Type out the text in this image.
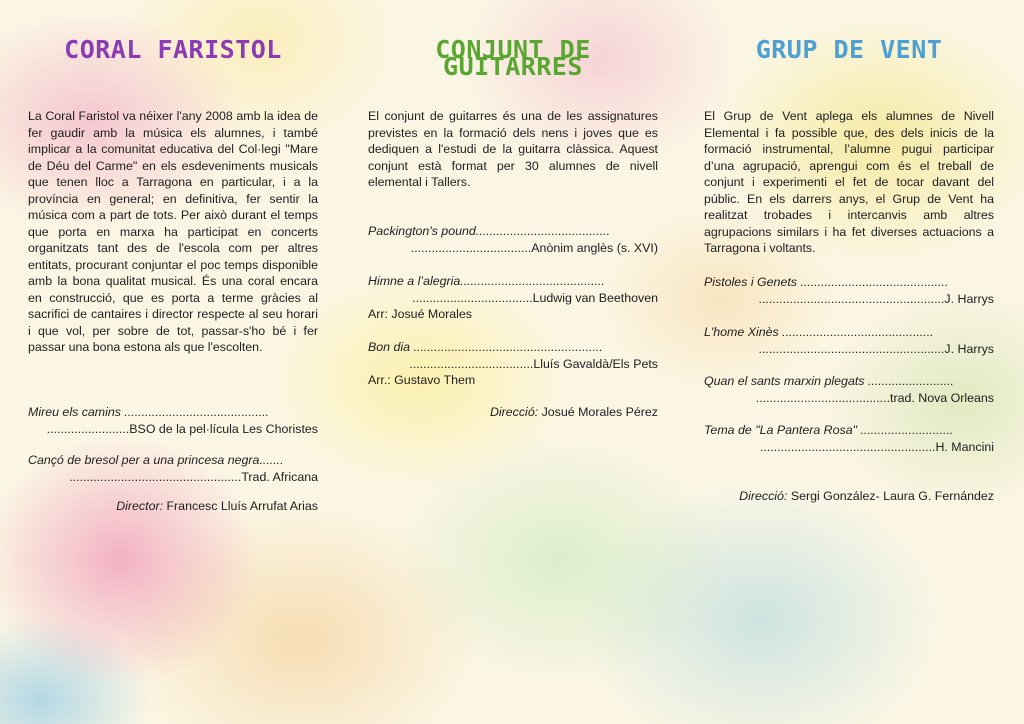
CORAL FARISTOL

La Coral Faristol va néixer l'any 2008 amb la idea de fer gaudir amb la música els alumnes, i també implicar a la comunitat educativa del Col·legi "Mare de Déu del Carme" en els esdeveniments musicals que tenen lloc a Tarragona en particular, i a la província en general; en definitiva, fer sentir la música com a part de tots. Per això durant el temps que porta en marxa ha participat en concerts organitzats tant des de l'escola com per altres entitats, procurant conjuntar el poc temps disponible amb la bona qualitat musical. És una coral encara en construcció, que es porta a terme gràcies al sacrifici de cantaires i director respecte al seu horari i que vol, per sobre de tot, passar-s'ho bé i fer passar una bona estona als que l'escolten.

Mireu els camins ..........................................
........................BSO de la pel·lícula Les Choristes
Cançó de bresol per a una princesa negra.......
..................................................Trad. Africana
Director: Francesc Lluís Arrufat Arias
CONJUNT DE GUITARRES

El conjunt de guitarres és una de les assignatures previstes en la formació dels nens i joves que es dediquen a l'estudi de la guitarra clàssica. Aquest conjunt està format per 30 alumnes de nivell elemental i Tallers.

Packington's pound.......................................
...................................Anònim anglès (s. XVI)
Himne a l’alegria..........................................
...................................Ludwig van Beethoven
Arr: Josué Morales
Bon dia .......................................................
....................................Lluís Gavaldà/Els Pets
Arr.: Gustavo Them
Direcció: Josué Morales Pérez
GRUP DE VENT

El Grup de Vent aplega els alumnes de Nivell Elemental i fa possible que, des dels inicis de la formació instrumental, l’alumne pugui participar d’una agrupació, aprengui com és el treball de conjunt i experimenti el fet de tocar davant del públic. En els darrers anys, el Grup de Vent ha realitzat trobades i intercanvis amb altres agrupacions similars i ha fet diverses actuacions a Tarragona i voltants.

Pistoles i Genets ...........................................
......................................................J. Harrys
L'home Xinès ............................................
......................................................J. Harrys
Quan el sants marxin plegats .........................
.......................................trad. Nova Orleans
Tema de "La Pantera Rosa" ...........................
...................................................H. Mancini
Direcció: Sergi González- Laura G. Fernández
